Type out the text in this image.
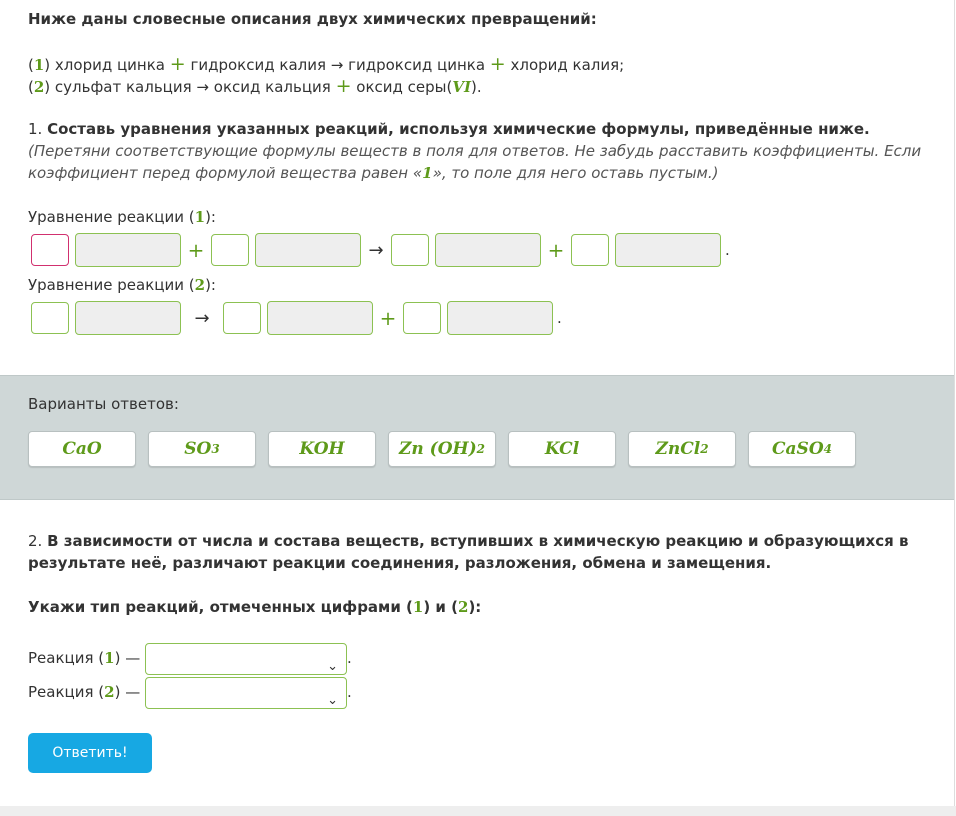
Ниже даны словесные описания двух химических превращений:
(1) хлорид цинка + гидроксид калия → гидроксид цинка + хлорид калия;
(2) сульфат кальция → оксид кальция + оксид серы(VI).
1. Составь уравнения указанных реакций, используя химические формулы, приведённые ниже.
(Перетяни соответствующие формулы веществ в поля для ответов. Не забудь расставить коэффициенты. Если
коэффициент перед формулой вещества равен «1», то поле для него оставь пустым.)
Уравнение реакции (1):
+	→	+	.
Уравнение реакции (2):
→	+	.
Варианты ответов:
CaO	SO 3	KOH	Zn (OH) 2	KCl	ZnCl 2	CaSO 4
2. В зависимости от числа и состава веществ, вступивших в химическую реакцию и образующихся в
результате неё, различают реакции соединения, разложения, обмена и замещения.
Укажи тип реакций, отмеченных цифрами (1) и (2):
Реакция (1) —	⌄ .
Реакция (2) —	⌄ .
Ответить!
